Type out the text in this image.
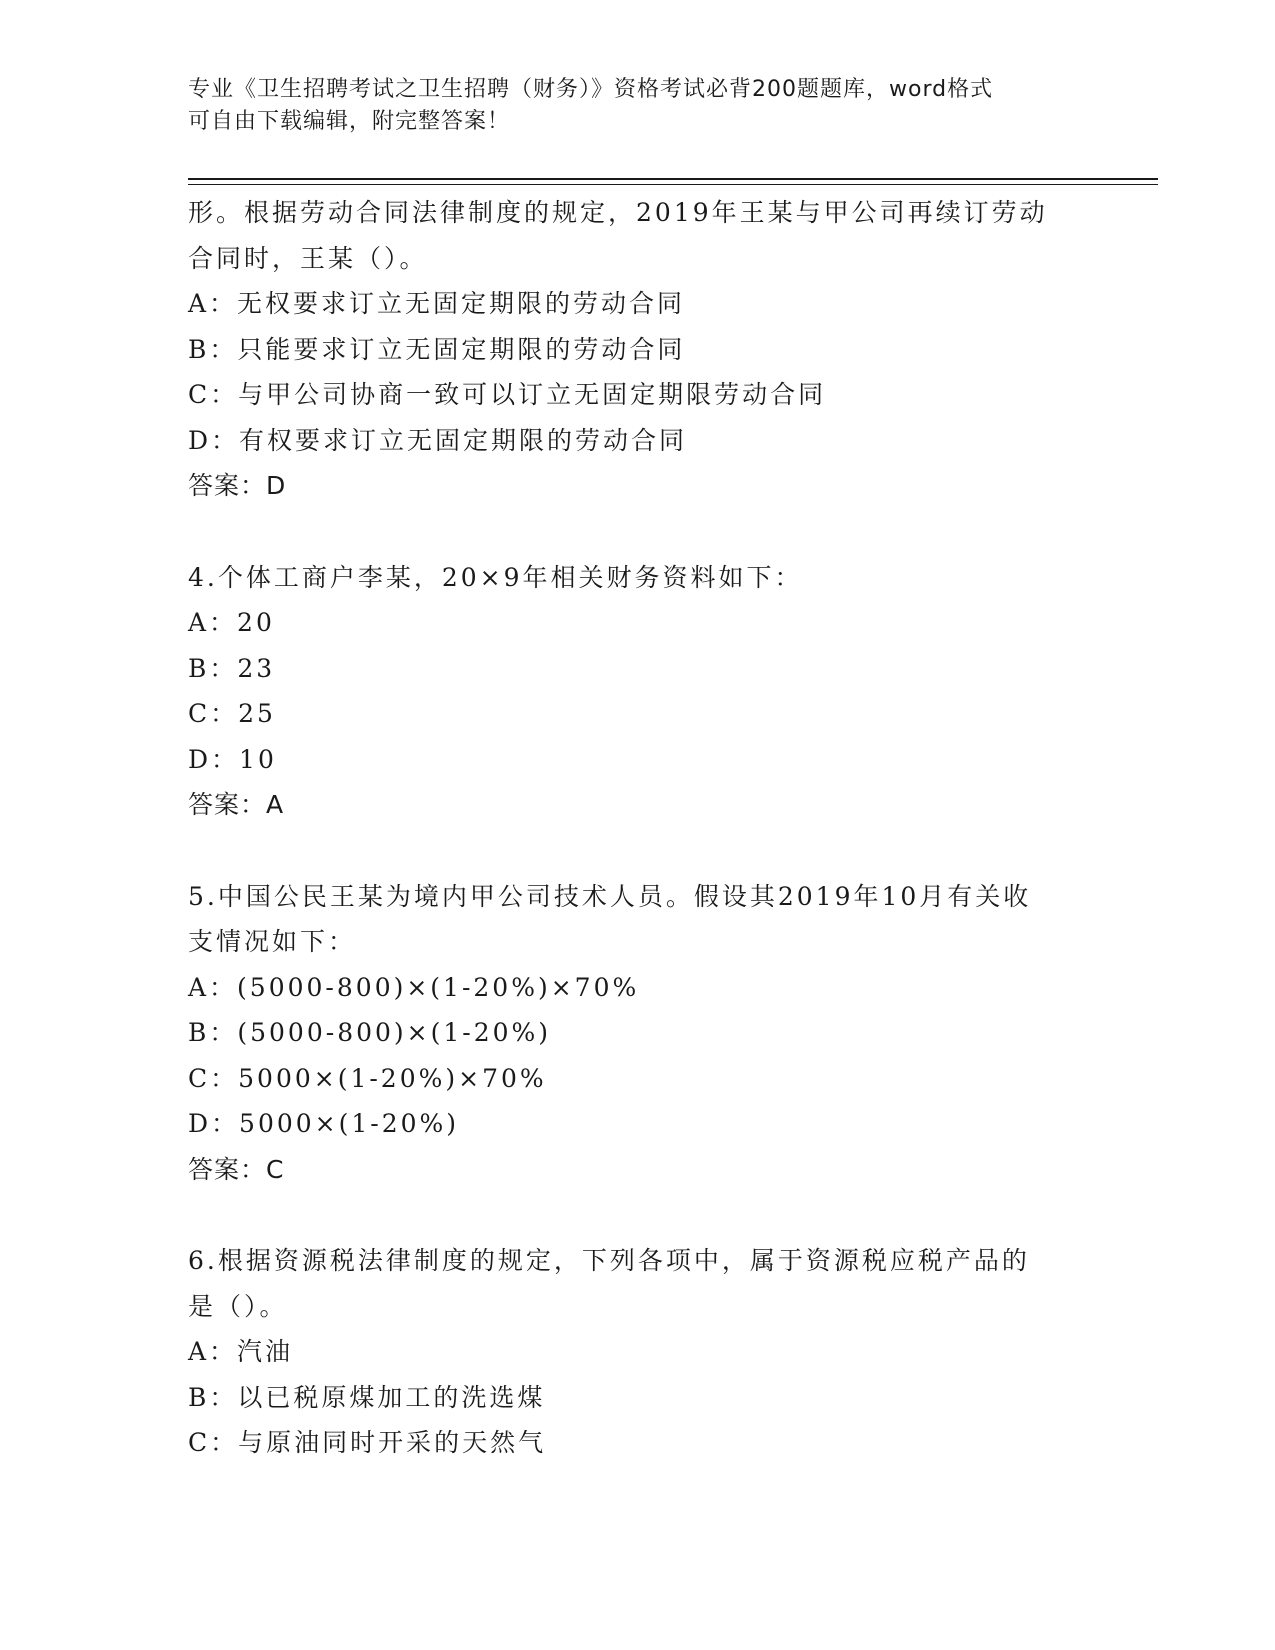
专业《卫生招聘考试之卫生招聘（财务）》资格考试必背200题题库，word格式
可自由下载编辑，附完整答案！
形。根据劳动合同法律制度的规定，2019年王某与甲公司再续订劳动
合同时，王某（）。
A：无权要求订立无固定期限的劳动合同
B：只能要求订立无固定期限的劳动合同
C：与甲公司协商一致可以订立无固定期限劳动合同
D：有权要求订立无固定期限的劳动合同
答案：D
4.个体工商户李某，20×9年相关财务资料如下：
A：20
B：23
C：25
D：10
答案：A
5.中国公民王某为境内甲公司技术人员。假设其2019年10月有关收
支情况如下：
A：(5000-800)×(1-20%)×70%
B：(5000-800)×(1-20%)
C：5000×(1-20%)×70%
D：5000×(1-20%)
答案：C
6.根据资源税法律制度的规定，下列各项中，属于资源税应税产品的
是（）。
A：汽油
B：以已税原煤加工的洗选煤
C：与原油同时开采的天然气
